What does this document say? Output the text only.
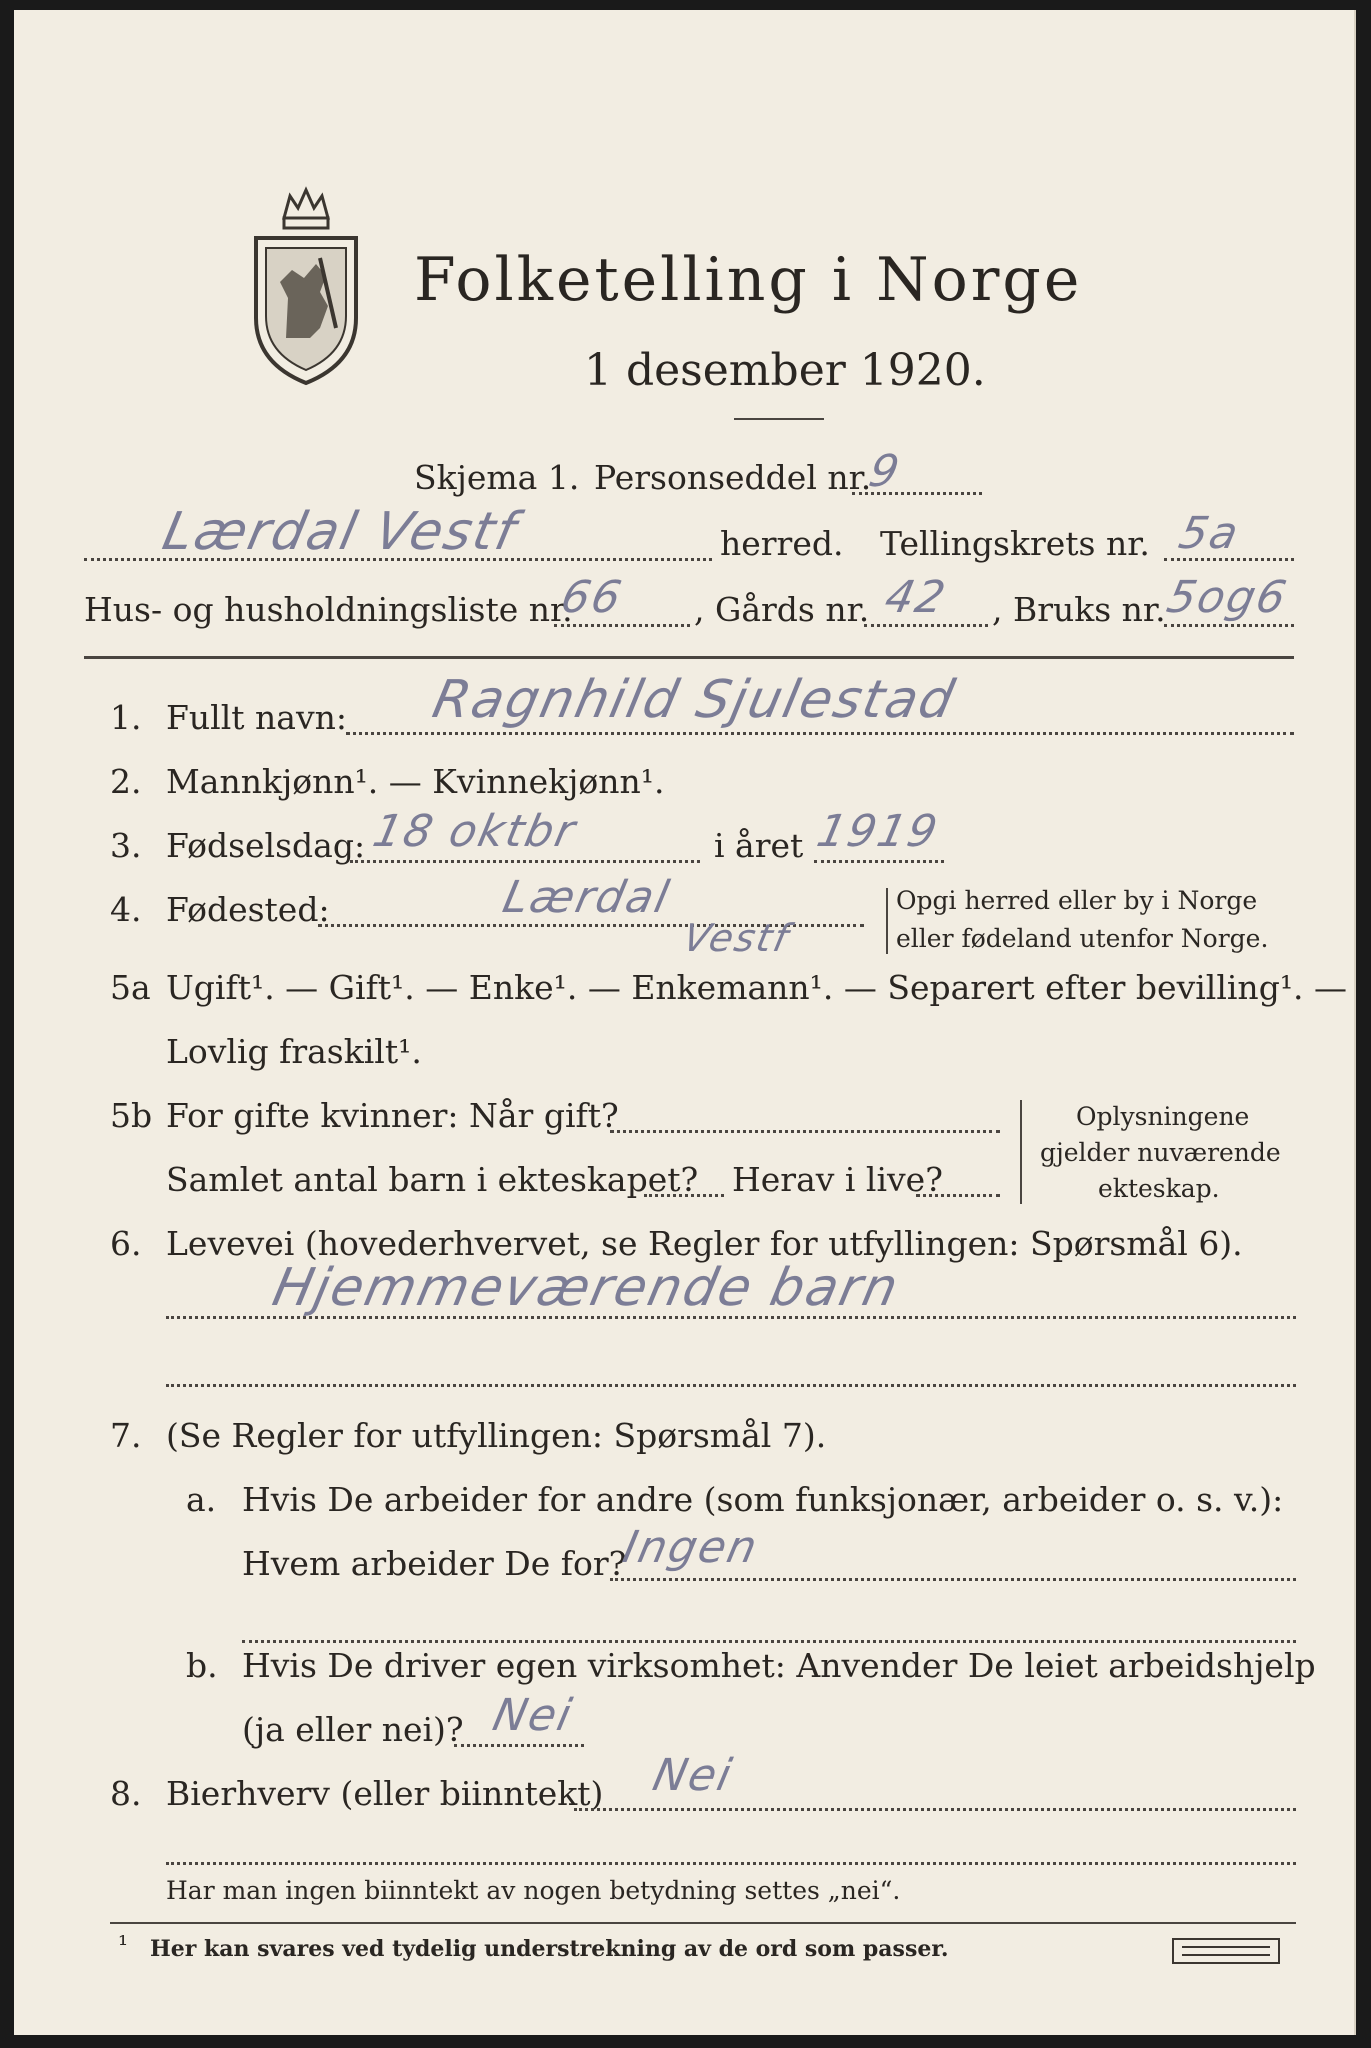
Folketelling i Norge
1 desember 1920.
Skjema 1. Personseddel nr.
9
Lærdal Vestf	herred. Tellingskrets nr. 5a
Hus- og husholdningsliste nr.
66 , Gårds nr. 42 , Bruks nr.
5og6
1. Fullt navn: Ragnhild Sjulestad
2. Mannkjønn¹. — Kvinnekjønn¹.
3. Fødselsdag: 18 oktbr	i året 1919
4. Fødested:	Lærdal
Vestf
Opgi herred eller by i Norge
eller fødeland utenfor Norge.
5a Ugift¹. — Gift¹. — Enke¹. — Enkemann¹. — Separert efter bevilling¹. —
Lovlig fraskilt¹.
5b For gifte kvinner: Når gift?
Samlet antal barn i ekteskapet? Herav i live?
Oplysningene
gjelder nuværende
ekteskap.
6. Levevei (hovederhvervet, se Regler for utfyllingen: Spørsmål 6).
Hjemmeværende barn
7. (Se Regler for utfyllingen: Spørsmål 7).
a. Hvis De arbeider for andre (som funksjonær, arbeider o. s. v.):
Hvem arbeider De for?
Ingen
b. Hvis De driver egen virksomhet: Anvender De leiet arbeidshjelp
(ja eller nei)? Nei
8. Bierhverv (eller biinntekt) Nei
Har man ingen biinntekt av nogen betydning settes „nei“.
¹ Her kan svares ved tydelig understrekning av de ord som passer.
